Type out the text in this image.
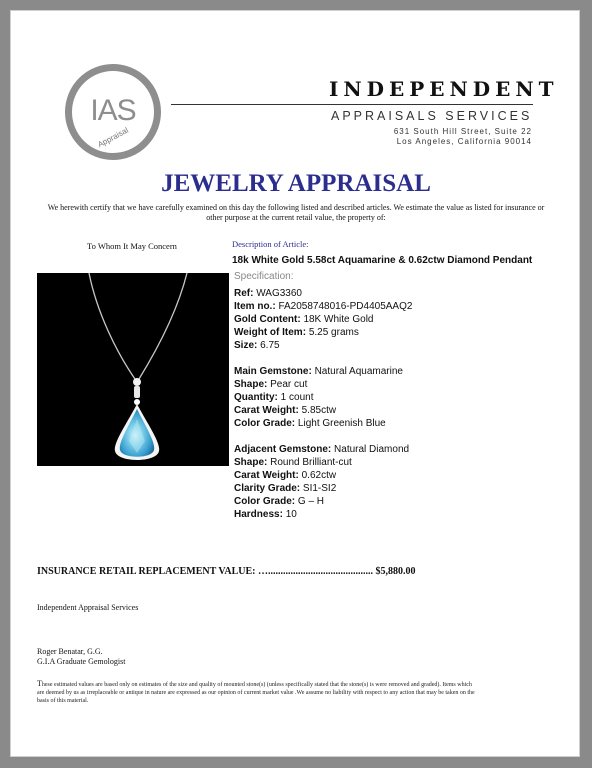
IAS
Appraisal
INDEPENDENT
APPRAISALS SERVICES
631 South Hill Street, Suite 22
Los Angeles, California 90014
JEWELRY APPRAISAL
We herewith certify that we have carefully examined on this day the following listed and described articles. We estimate the value as listed for insurance or other purpose at the current retail value, the property of:
To Whom It May Concern	Description of Article:
18k White Gold 5.58ct Aquamarine & 0.62ctw Diamond Pendant
Specification:
Ref: WAG3360
Item no.: FA2058748016-PD4405AAQ2
Gold Content: 18K White Gold
Weight of Item: 5.25 grams
Size: 6.75
Main Gemstone: Natural Aquamarine
Shape: Pear cut
Quantity: 1 count
Carat Weight: 5.85ctw
Color Grade: Light Greenish Blue
Adjacent Gemstone: Natural Diamond
Shape: Round Brilliant-cut
Carat Weight: 0.62ctw
Clarity Grade: SI1-SI2
Color Grade: G – H
Hardness: 10
INSURANCE RETAIL REPLACEMENT VALUE: ….......................................... $5,880.00
Independent Appraisal Services
Roger Benatar, G.G.
G.I.A Graduate Gemologist
These estimated values are based only on estimates of the size and quality of mounted stone(s) (unless specifically stated that the stone(s) is were removed and graded). Items which are deemed by us as irreplaceable or antique in nature are expressed as our opinion of current market value .We assume no liability with respect to any action that may be taken on the basis of this material.
